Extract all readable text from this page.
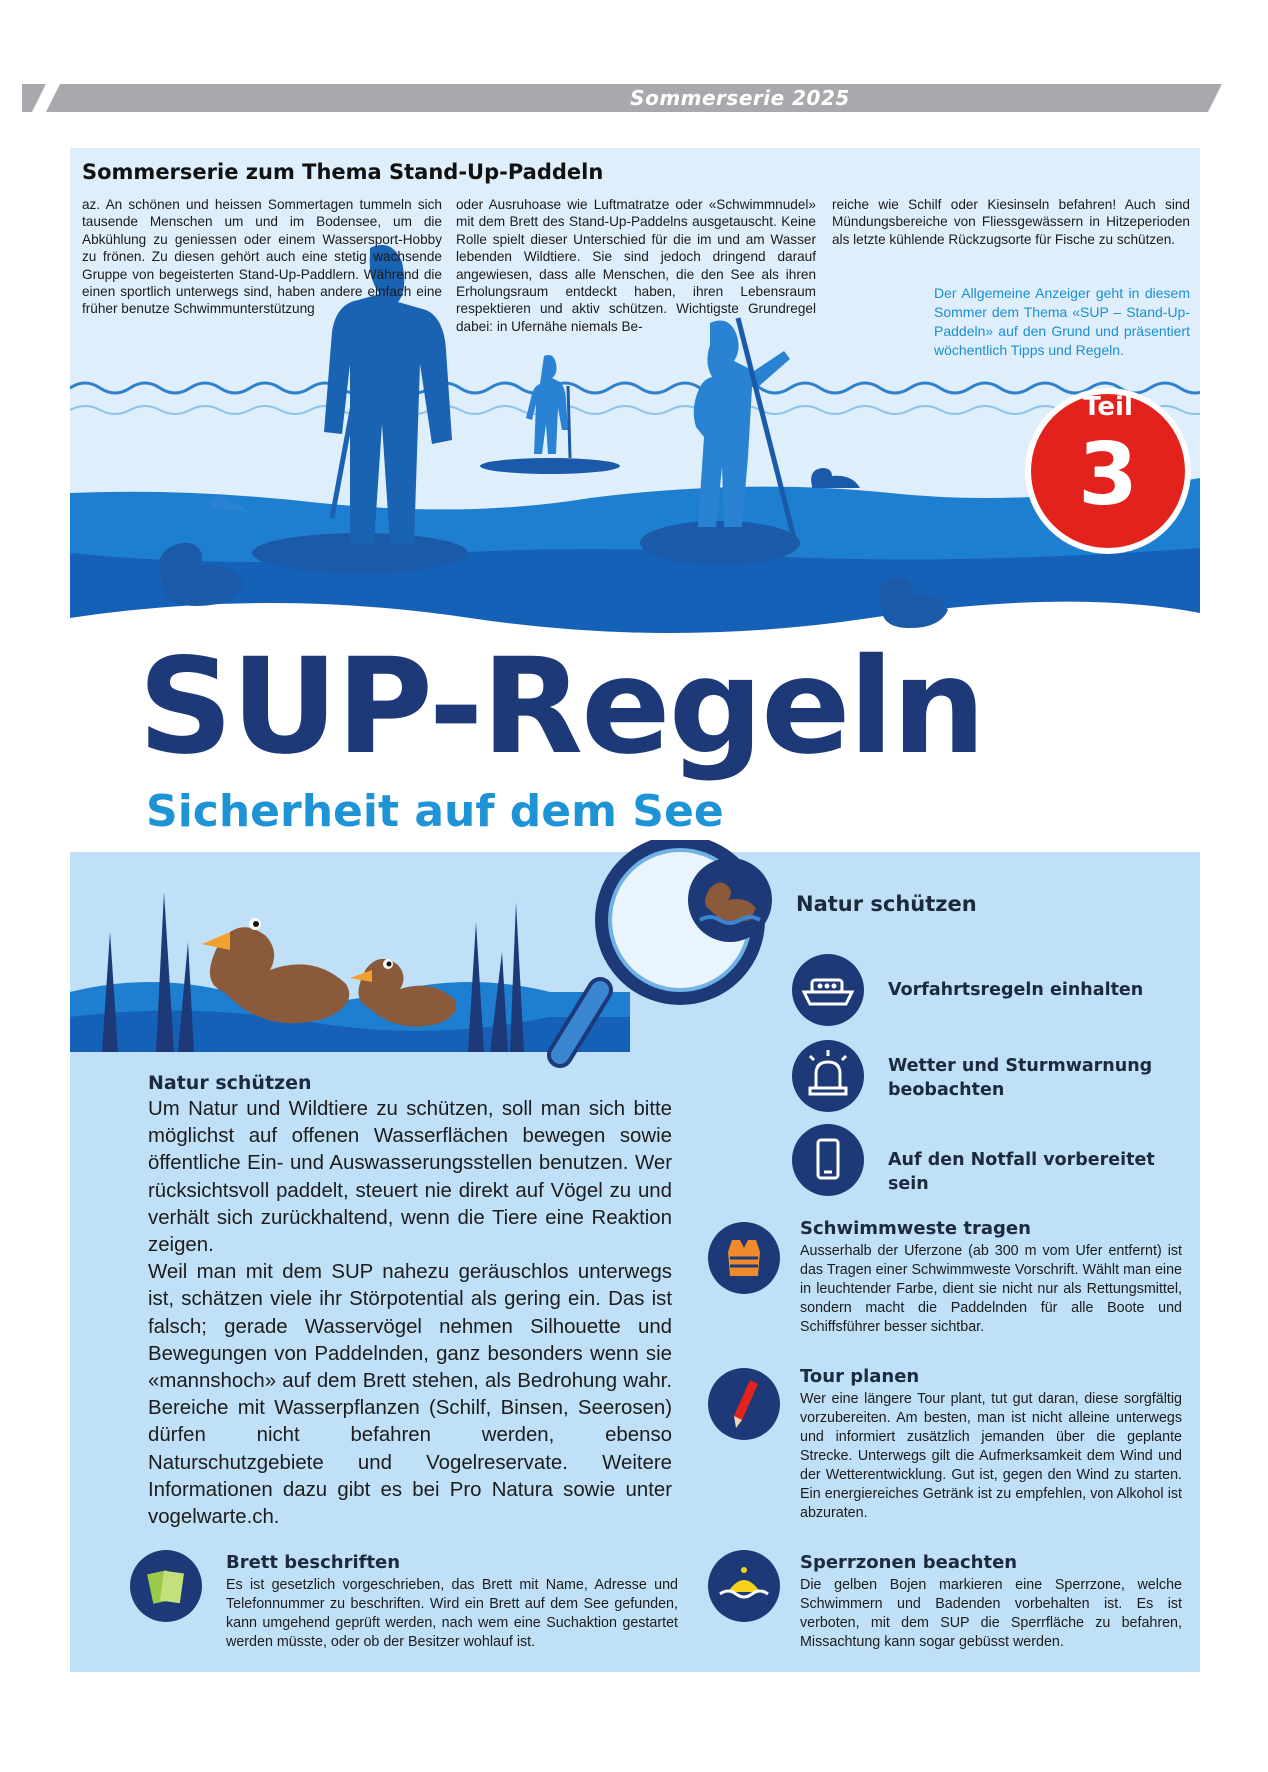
Sommerserie 2025
Sommerserie zum Thema Stand-Up-Paddeln
az. An schönen und heissen Sommertagen tummeln sich tausende Menschen um und im Bodensee, um die Abkühlung zu geniessen oder einem Wassersport-Hobby zu frönen. Zu diesen gehört auch eine stetig wachsende Gruppe von begeisterten Stand-Up-Paddlern. Während die einen sportlich unterwegs sind, haben andere einfach eine früher benutze Schwimmunterstützung
oder Ausruhoase wie Luftmatratze oder «Schwimmnudel» mit dem Brett des Stand-Up-Paddelns ausgetauscht. Keine Rolle spielt dieser Unterschied für die im und am Wasser lebenden Wildtiere. Sie sind jedoch dringend darauf angewiesen, dass alle Menschen, die den See als ihren Erholungsraum entdeckt haben, ihren Lebensraum respektieren und aktiv schützen. Wichtigste Grundregel dabei: in Ufernähe niemals Be-
reiche wie Schilf oder Kiesinseln befahren! Auch sind Mündungsbereiche von Fliessgewässern in Hitzeperioden als letzte kühlende Rückzugsorte für Fische zu schützen.
Der Allgemeine Anzeiger geht in diesem Sommer dem Thema «SUP – Stand-Up-Paddeln» auf den Grund und präsentiert wöchentlich Tipps und Regeln.
Teil
3
SUP-Regeln
Sicherheit auf dem See
Natur schützen
Vorfahrtsregeln einhalten
Wetter und Sturmwarnung beobachten
Auf den Notfall vorbereitet sein
Natur schützen

Um Natur und Wildtiere zu schützen, soll man sich bitte möglichst auf offenen Wasserflächen bewegen sowie öffentliche Ein- und Auswasserungsstellen benutzen. Wer rücksichtsvoll paddelt, steuert nie direkt auf Vögel zu und verhält sich zurückhaltend, wenn die Tiere eine Reaktion zeigen.

Weil man mit dem SUP nahezu geräuschlos unterwegs ist, schätzen viele ihr Störpotential als gering ein. Das ist falsch; gerade Wasservögel nehmen Silhouette und Bewegungen von Paddelnden, ganz besonders wenn sie «mannshoch» auf dem Brett stehen, als Bedrohung wahr. Bereiche mit Wasserpflanzen (Schilf, Binsen, Seerosen) dürfen nicht befahren werden, ebenso Naturschutzgebiete und Vogelreservate. Weitere Informationen dazu gibt es bei Pro Natura sowie unter vogelwarte.ch.

Schwimmweste tragen
Ausserhalb der Uferzone (ab 300 m vom Ufer entfernt) ist das Tragen einer Schwimmweste Vorschrift. Wählt man eine in leuchtender Farbe, dient sie nicht nur als Rettungsmittel, sondern macht die Paddelnden für alle Boote und Schiffsführer besser sichtbar.
Tour planen
Wer eine längere Tour plant, tut gut daran, diese sorgfältig vorzubereiten. Am besten, man ist nicht alleine unterwegs und informiert zusätzlich jemanden über die geplante Strecke. Unterwegs gilt die Aufmerksamkeit dem Wind und der Wetterentwicklung. Gut ist, gegen den Wind zu starten. Ein energiereiches Getränk ist zu empfehlen, von Alkohol ist abzuraten.
Sperrzonen beachten
Die gelben Bojen markieren eine Sperrzone, welche Schwimmern und Badenden vorbehalten ist. Es ist verboten, mit dem SUP die Sperrfläche zu befahren, Missachtung kann sogar gebüsst werden.
Brett beschriften
Es ist gesetzlich vorgeschrieben, das Brett mit Name, Adresse und Telefonnummer zu beschriften. Wird ein Brett auf dem See gefunden, kann umgehend geprüft werden, nach wem eine Suchaktion gestartet werden müsste, oder ob der Besitzer wohlauf ist.
